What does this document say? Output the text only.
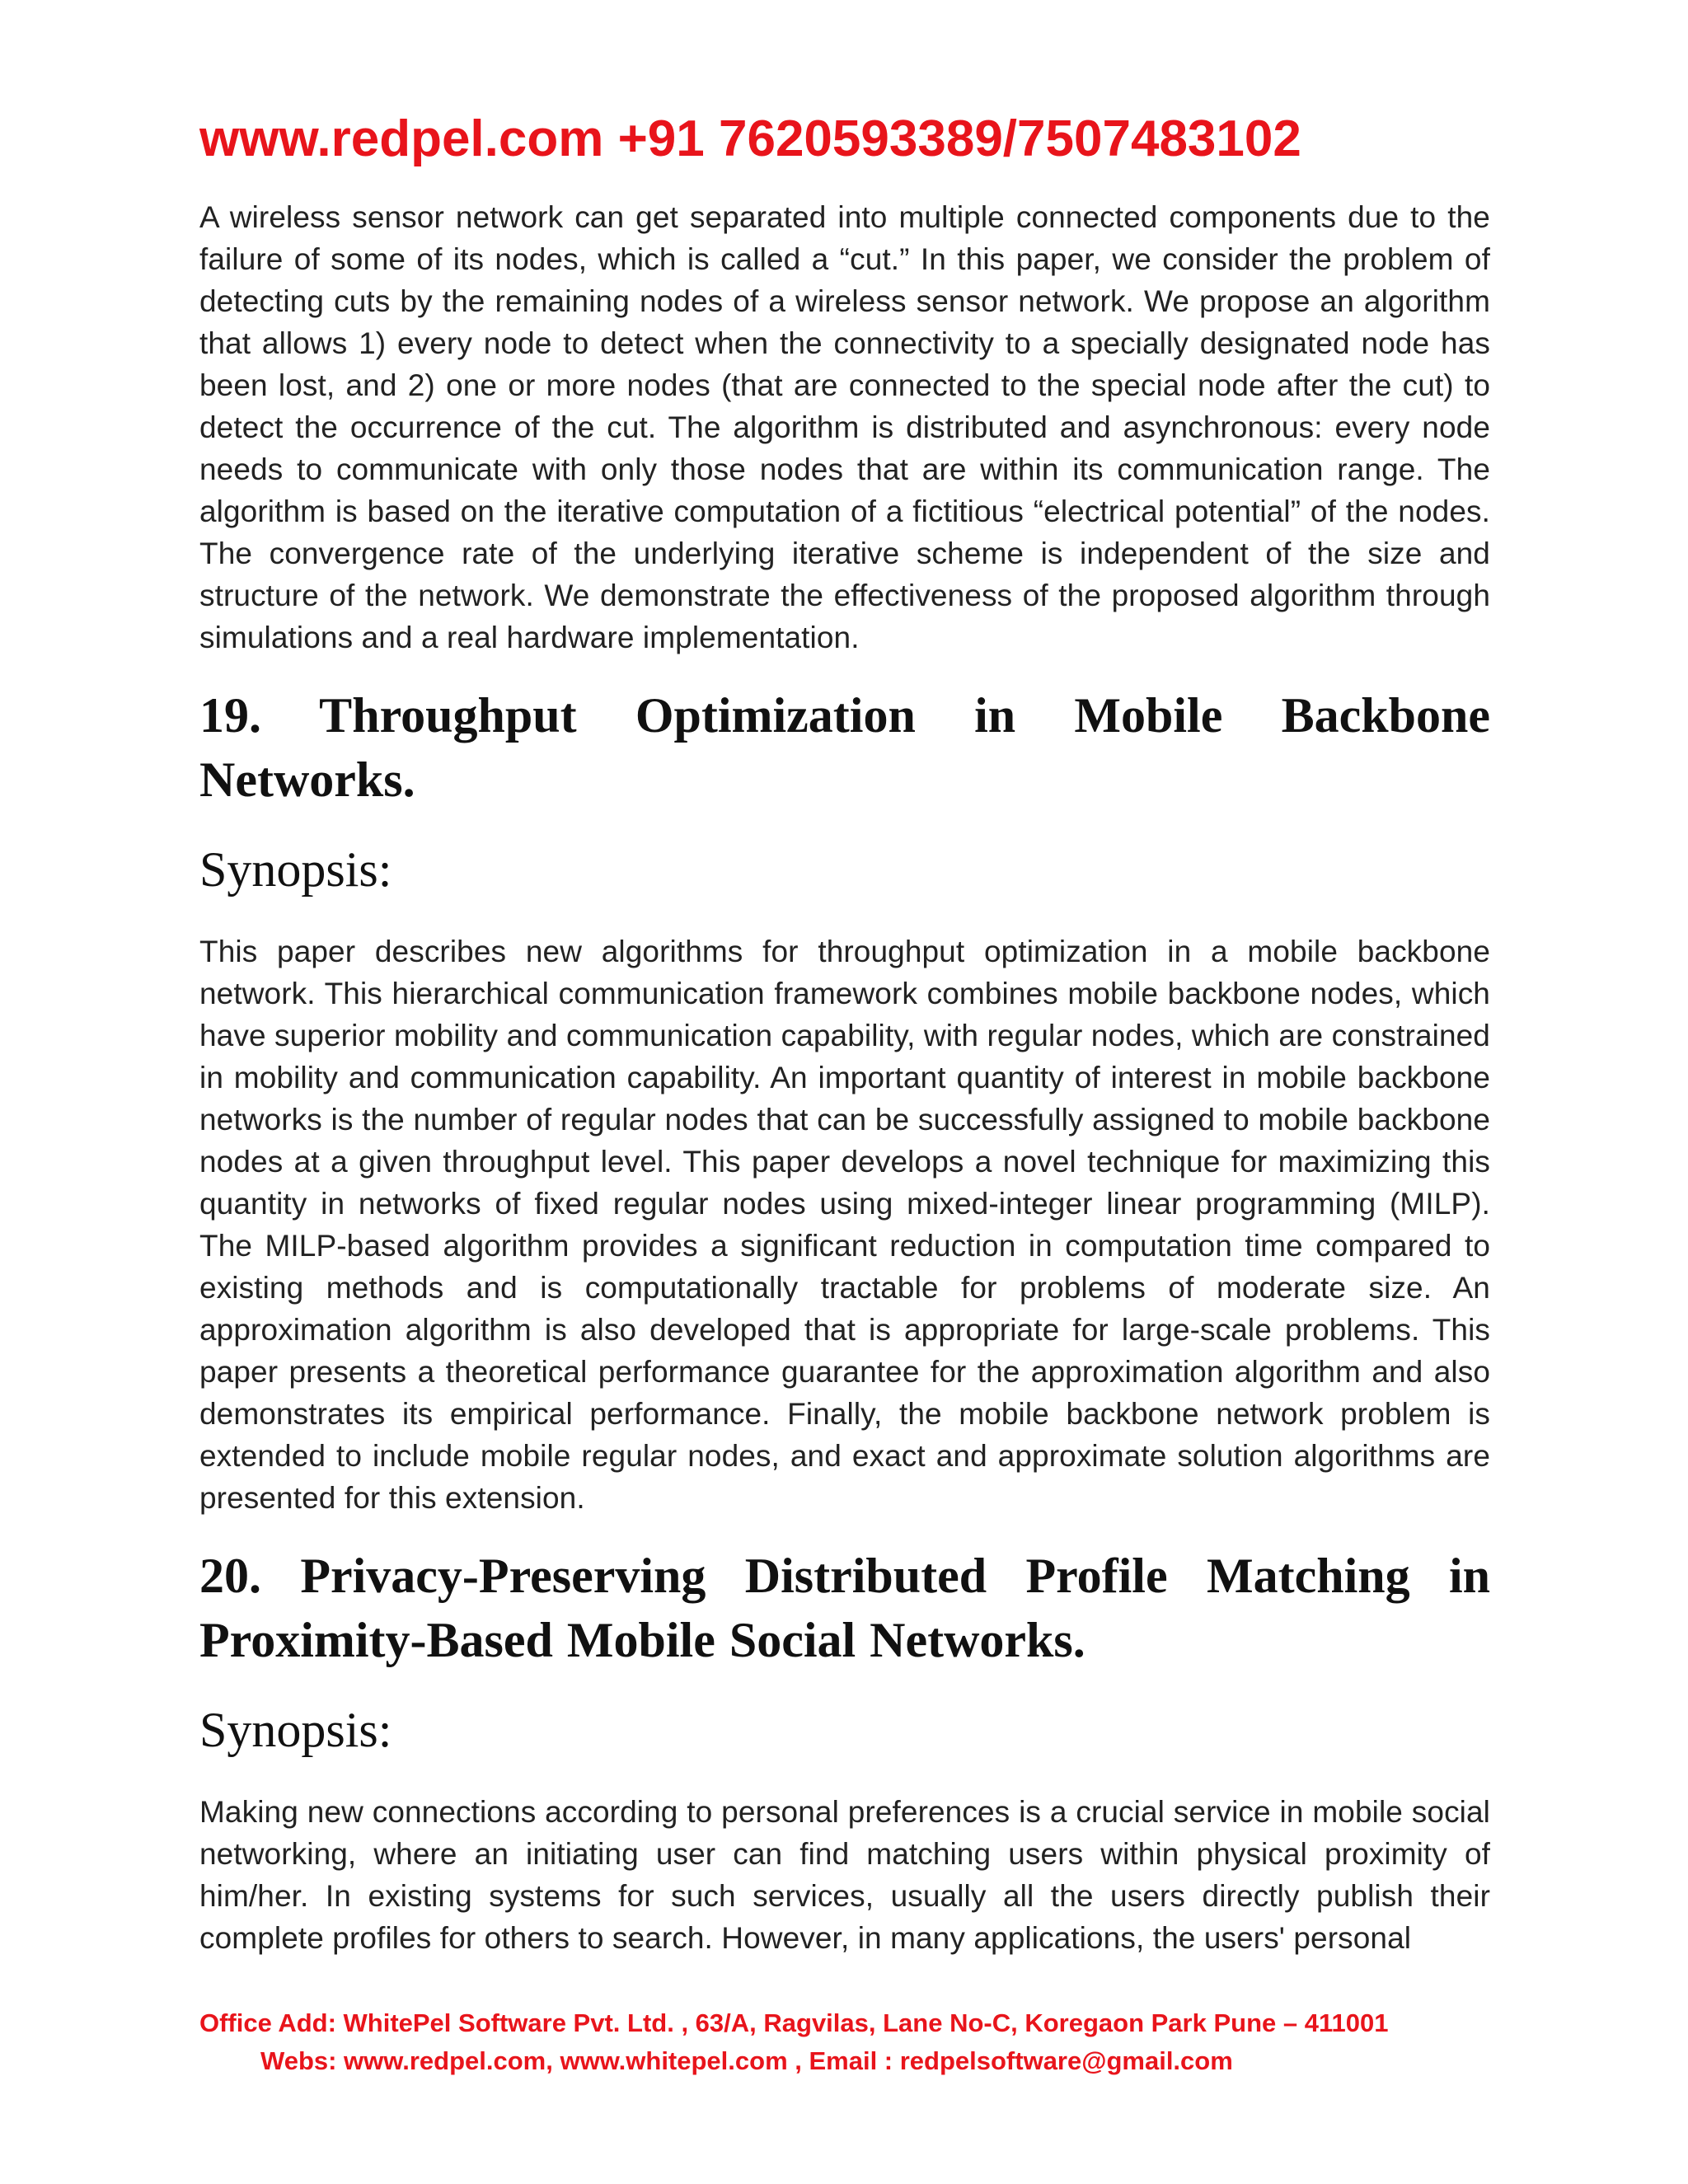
www.redpel.com +91 7620593389/7507483102

A wireless sensor network can get separated into multiple connected components due to the failure of some of its nodes, which is called a “cut.” In this paper, we consider the problem of detecting cuts by the remaining nodes of a wireless sensor network. We propose an algorithm that allows 1) every node to detect when the connectivity to a specially designated node has been lost, and 2) one or more nodes (that are connected to the special node after the cut) to detect the occurrence of the cut. The algorithm is distributed and asynchronous: every node needs to communicate with only those nodes that are within its communication range. The algorithm is based on the iterative computation of a fictitious “electrical potential” of the nodes. The convergence rate of the underlying iterative scheme is independent of the size and structure of the network. We demonstrate the effectiveness of the proposed algorithm through simulations and a real hardware implementation.

19. Throughput Optimization in Mobile Backbone Networks.
Synopsis:

This paper describes new algorithms for throughput optimization in a mobile backbone network. This hierarchical communication framework combines mobile backbone nodes, which have superior mobility and communication capability, with regular nodes, which are constrained in mobility and communication capability. An important quantity of interest in mobile backbone networks is the number of regular nodes that can be successfully assigned to mobile backbone nodes at a given throughput level. This paper develops a novel technique for maximizing this quantity in networks of fixed regular nodes using mixed-integer linear programming (MILP). The MILP-based algorithm provides a significant reduction in computation time compared to existing methods and is computationally tractable for problems of moderate size. An approximation algorithm is also developed that is appropriate for large-scale problems. This paper presents a theoretical performance guarantee for the approximation algorithm and also demonstrates its empirical performance. Finally, the mobile backbone network problem is extended to include mobile regular nodes, and exact and approximate solution algorithms are presented for this extension.

20. Privacy-Preserving Distributed Profile Matching in Proximity-Based Mobile Social Networks.
Synopsis:

Making new connections according to personal preferences is a crucial service in mobile social networking, where an initiating user can find matching users within physical proximity of him/her. In existing systems for such services, usually all the users directly publish their complete profiles for others to search. However, in many applications, the users' personal

Office Add: WhitePel Software Pvt. Ltd. , 63/A, Ragvilas, Lane No-C, Koregaon Park Pune – 411001
Webs: www.redpel.com, www.whitepel.com , Email : redpelsoftware@gmail.com
